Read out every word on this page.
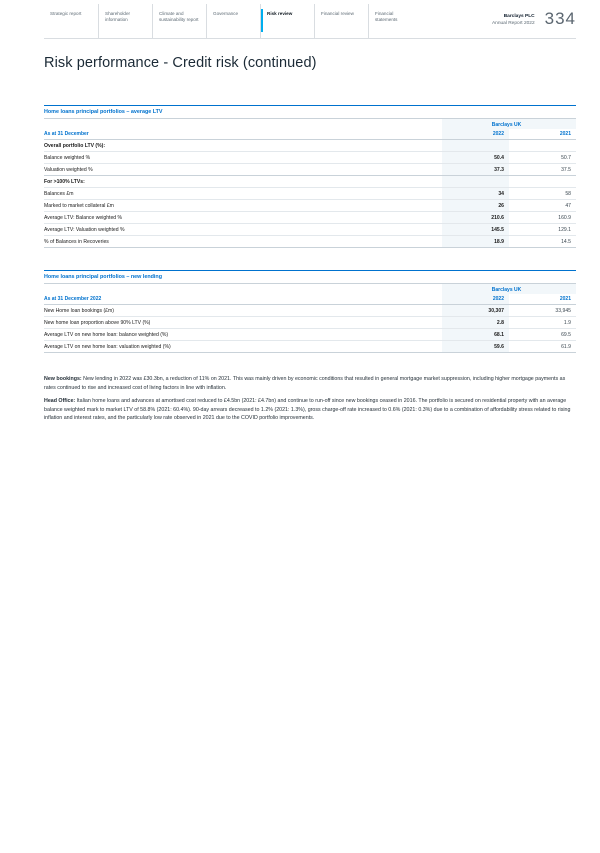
Strategic report	Shareholder information
Climate and sustainability report
Governance	Risk review	Financial review	Financial statements
Barclays PLC
Annual Report 2022 334
Risk performance - Credit risk (continued)
Home loans principal portfolios – average LTV
	Barclays UK	
As at 31 December	2022	2021
Overall portfolio LTV (%):		
Balance weighted %	50.4	50.7
Valuation weighted %	37.3	37.5
For >100% LTVs:		
Balances £m	34	58
Marked to market collateral £m	26	47
Average LTV: Balance weighted %	210.6	160.9
Average LTV: Valuation weighted %	145.5	129.1
% of Balances in Recoveries	18.9	14.5
Home loans principal portfolios – new lending
	Barclays UK	
As at 31 December 2022	2022	2021
New Home loan bookings (£m)	30,307	33,945
New home loan proportion above 90% LTV (%)	2.8	1.9
Average LTV on new home loan: balance weighted (%)	68.1	69.5
Average LTV on new home loan: valuation weighted (%)	59.6	61.9

New bookings: New lending in 2022 was £30.3bn, a reduction of 11% on 2021. This was mainly driven by economic conditions that resulted in general mortgage market suppression, including higher mortgage payments as rates continued to rise and increased cost of living factors in line with inflation.

Head Office: Italian home loans and advances at amortised cost reduced to £4.5bn (2021: £4.7bn) and continue to run-off since new bookings ceased in 2016. The portfolio is secured on residential property with an average balance weighted mark to market LTV of 58.8% (2021: 60.4%). 90-day arrears decreased to 1.2% (2021: 1.3%), gross charge-off rate increased to 0.6% (2021: 0.3%) due to a combination of affordability stress related to rising inflation and interest rates, and the particularly low rate observed in 2021 due to the COVID portfolio improvements.
